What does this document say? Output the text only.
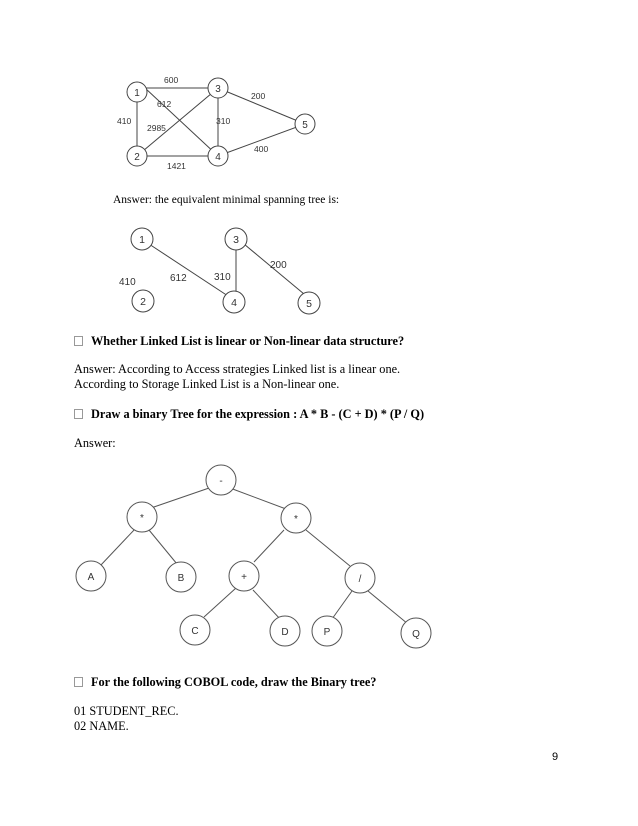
1
2
3
4
5
600
612
410
2985
310
200
1421
400
1
2
3
4	5
410	612	310
200
-
*	*
A	B	+	/
C	D	P	Q
Answer: the equivalent minimal spanning tree is:
Whether Linked List is linear or Non-linear data structure?
Answer: According to Access strategies Linked list is a linear one.
According to Storage Linked List is a Non-linear one.
Draw a binary Tree for the expression : A * B - (C + D) * (P / Q)
Answer:
For the following COBOL code, draw the Binary tree?
01 STUDENT_REC.
02 NAME.
9
